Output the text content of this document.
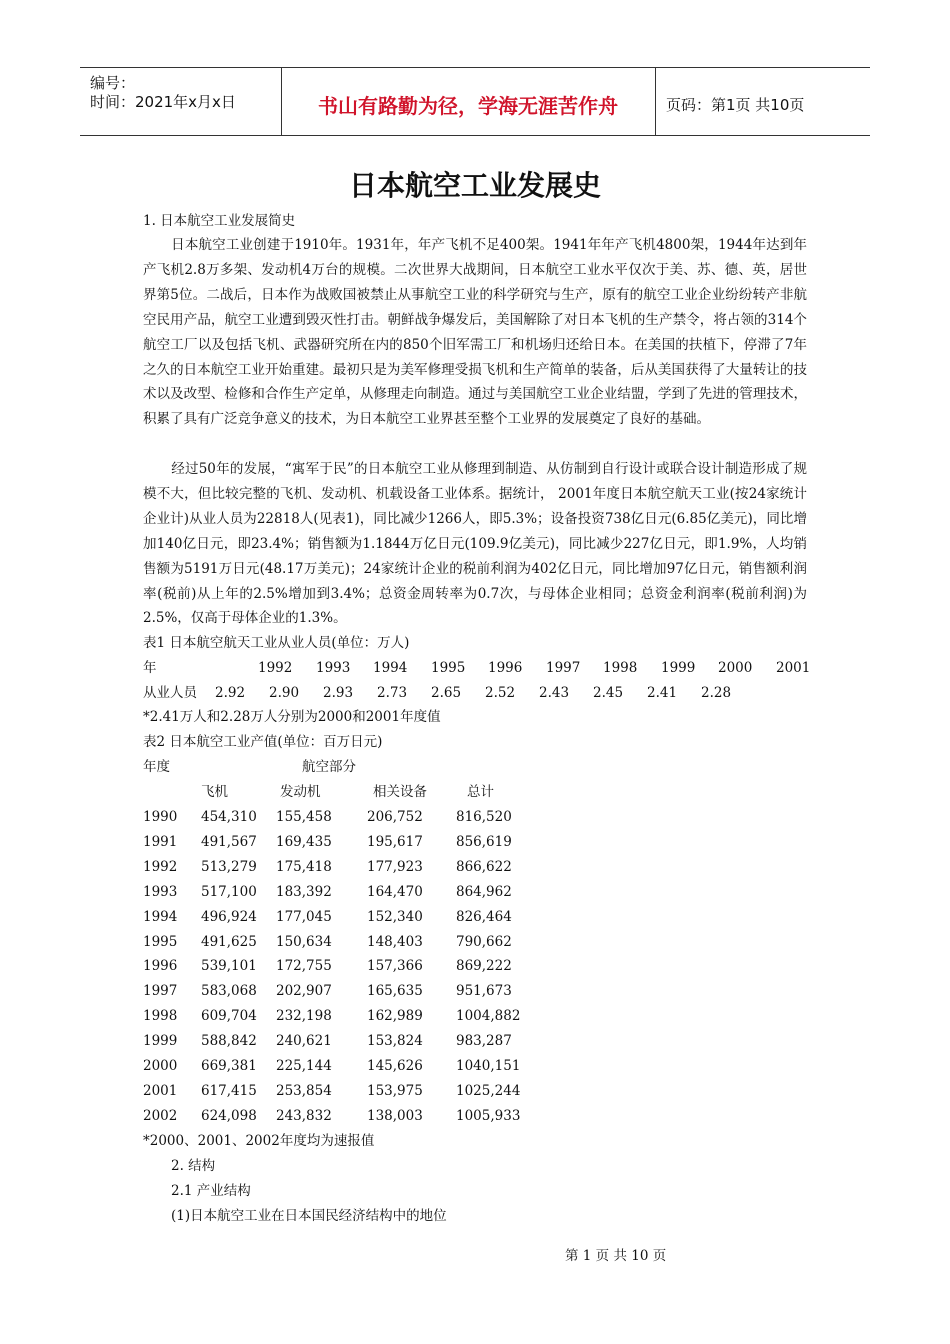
编号：
时间：2021年x月x日	书山有路勤为径，学海无涯苦作舟	页码：第1页 共10页
日本航空工业发展史
1. 日本航空工业发展简史
日本航空工业创建于1910年。1931年，年产飞机不足400架。1941年年产飞机4800架，1944年达到年产飞机2.8万多架、发动机4万台的规模。二次世界大战期间，日本航空工业水平仅次于美、苏、德、英，居世界第5位。二战后，日本作为战败国被禁止从事航空工业的科学研究与生产，原有的航空工业企业纷纷转产非航空民用产品，航空工业遭到毁灭性打击。朝鲜战争爆发后，美国解除了对日本飞机的生产禁令，将占领的314个航空工厂以及包括飞机、武器研究所在内的850个旧军需工厂和机场归还给日本。在美国的扶植下，停滞了7年之久的日本航空工业开始重建。最初只是为美军修理受损飞机和生产简单的装备，后从美国获得了大量转让的技术以及改型、检修和合作生产定单，从修理走向制造。通过与美国航空工业企业结盟，学到了先进的管理技术，积累了具有广泛竞争意义的技术，为日本航空工业界甚至整个工业界的发展奠定了良好的基础。
经过50年的发展，“寓军于民”的日本航空工业从修理到制造、从仿制到自行设计或联合设计制造形成了规模不大，但比较完整的飞机、发动机、机载设备工业体系。据统计， 2001年度日本航空航天工业(按24家统计企业计)从业人员为22818人(见表1)，同比减少1266人，即5.3%；设备投资738亿日元(6.85亿美元)，同比增加140亿日元，即23.4%；销售额为1.1844万亿日元(109.9亿美元)，同比减少227亿日元，即1.9%，人均销售额为5191万日元(48.17万美元)；24家统计企业的税前利润为402亿日元，同比增加97亿日元，销售额利润率(税前)从上年的2.5%增加到3.4%；总资金周转率为0.7次，与母体企业相同；总资金利润率(税前利润)为2.5%，仅高于母体企业的1.3%。
表1 日本航空航天工业从业人员(单位：万人)
年	1992 1993 1994 1995 1996 1997 1998 1999 2000 2001
从业人员 2.92 2.90 2.93 2.73 2.65 2.52 2.43 2.45 2.41 2.28
*2.41万人和2.28万人分别为2000和2001年度值
表2 日本航空工业产值(单位：百万日元)
年度	航空部分
飞机	发动机	相关设备	总计
1990 454,310 155,458	206,752 816,520
1991 491,567 169,435	195,617 856,619
1992 513,279 175,418	177,923 866,622
1993 517,100 183,392	164,470 864,962
1994 496,924 177,045	152,340 826,464
1995 491,625 150,634	148,403 790,662
1996 539,101 172,755	157,366 869,222
1997 583,068 202,907	165,635 951,673
1998 609,704 232,198	162,989 1004,882
1999 588,842 240,621	153,824 983,287
2000 669,381 225,144	145,626 1040,151
2001 617,415 253,854	153,975 1025,244
2002 624,098 243,832	138,003 1005,933
*2000、2001、2002年度均为速报值
2. 结构
2.1 产业结构
(1)日本航空工业在日本国民经济结构中的地位
第 1 页 共 10 页
